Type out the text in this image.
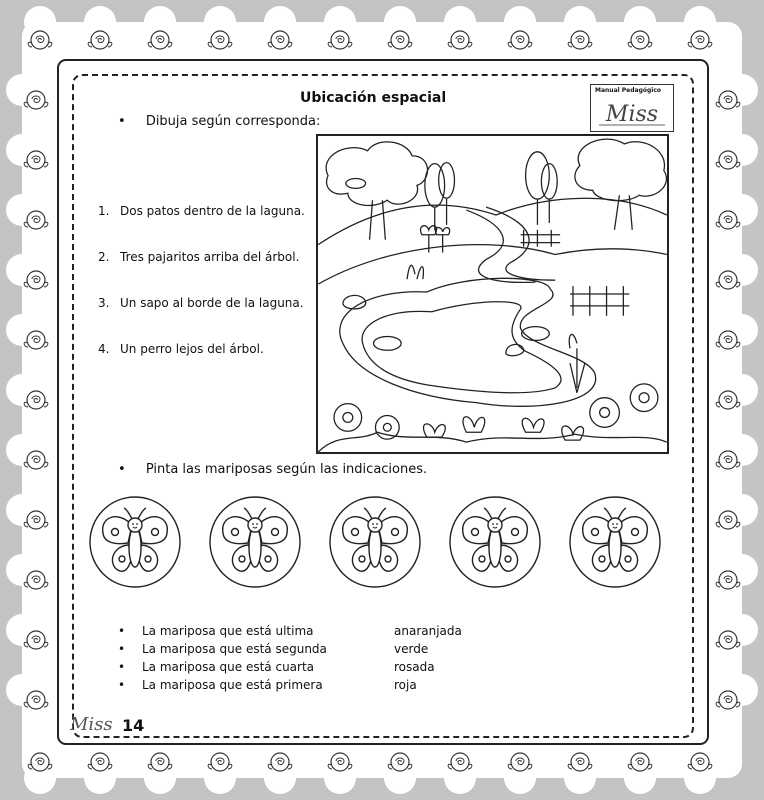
Ubicación espacial	Manual Pedagógico
Miss
• Dibuja según corresponda:
1. Dos patos dentro de la laguna.
2. Tres pajaritos arriba del árbol.
3. Un sapo al borde de la laguna.
4. Un perro lejos del árbol.
• Pinta las mariposas según las indicaciones.
•	La mariposa que está ultima	anaranjada
•	La mariposa que está segunda	verde
•	La mariposa que está cuarta	rosada
•	La mariposa que está primera	roja
Miss 14
